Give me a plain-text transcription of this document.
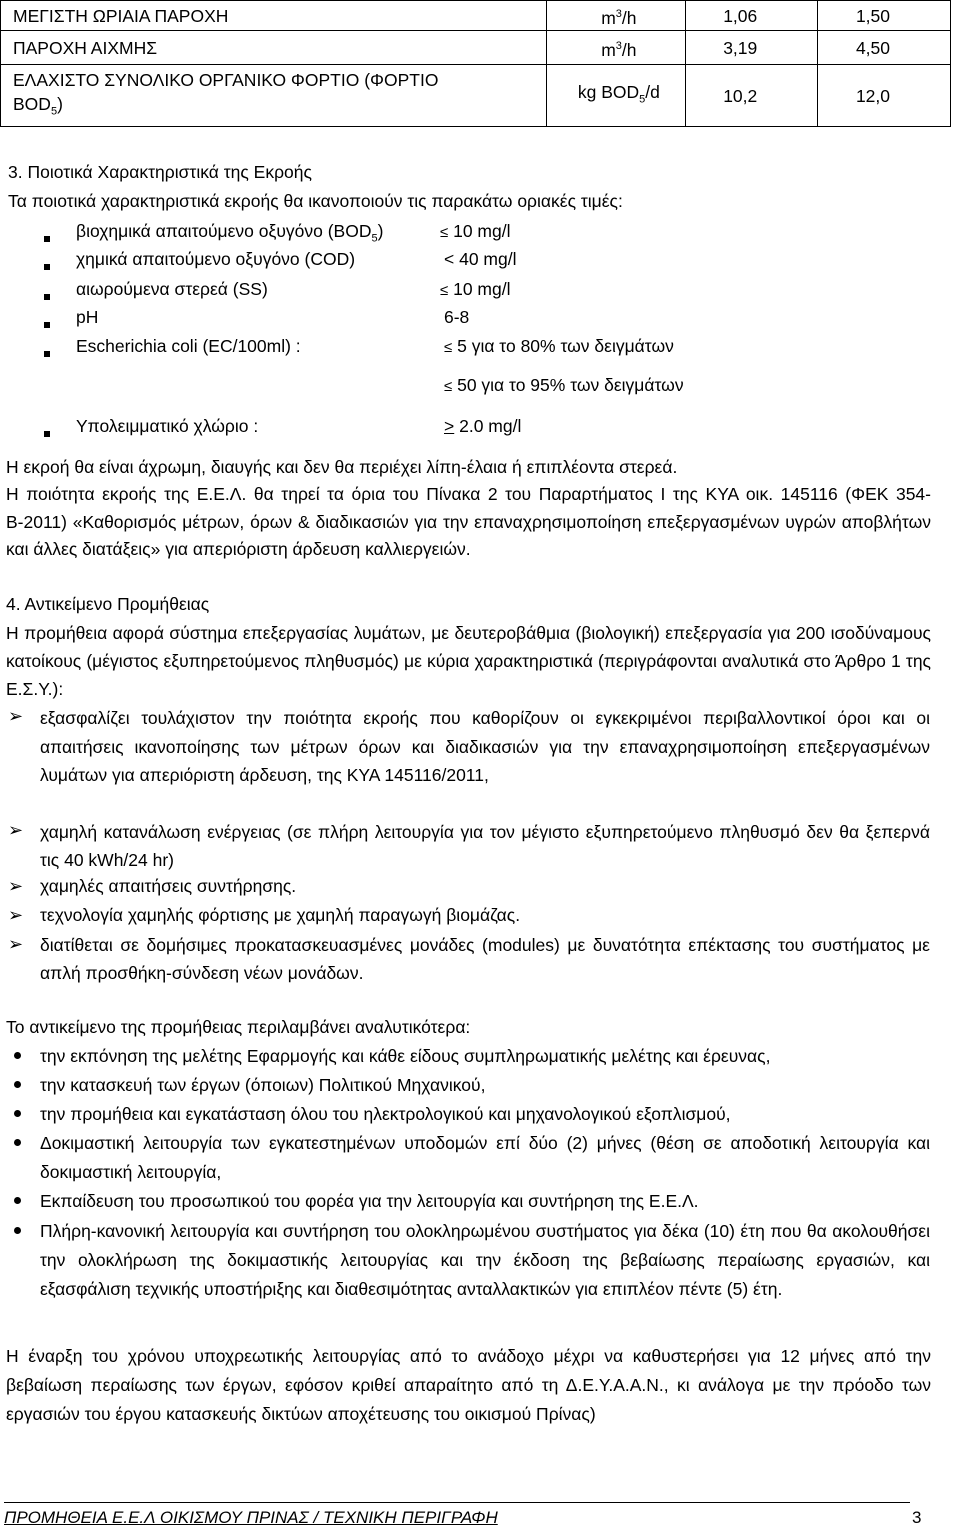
ΜΕΓΙΣΤΗ ΩΡΙΑΙΑ ΠΑΡΟΧΗ	$m^3/h$	1,06	1,50
ΠΑΡΟΧΗ ΑΙΧΜΗΣ	$m^3/h$	3,19	4,50

ΕΛΑΧΙΣΤΟ ΣΥΝΟΛΙΚΟ ΟΡΓΑΝΙΚΟ ΦΟΡΤΙΟ (ΦΟΡΤΙΟ
$BOD_5$)	kg $BOD_5/d$	10,2	12,0
3. Ποιοτικά Χαρακτηριστικά της Εκροής
Τα ποιοτικά χαρακτηριστικά εκροής θα ικανοποιούν τις παρακάτω οριακές τιμές:
βιοχημικά απαιτούμενο οξυγόνο $(BOD_5)$	≤ 10 mg/l
χημικά απαιτούμενο οξυγόνο (COD)	< 40 mg/l
αιωρούμενα στερεά (SS)	≤ 10 mg/l
pH	6-8
Escherichia coli (EC/100ml) :	≤ 5 για το 80% των δειγμάτων
≤ 50 για το 95% των δειγμάτων
Υπολειμματικό χλώριο :	> 2.0 mg/l
Η εκροή θα είναι άχρωμη, διαυγής και δεν θα περιέχει λίπη-έλαια ή επιπλέοντα στερεά.
Η ποιότητα εκροής της Ε.Ε.Λ. θα τηρεί τα όρια του Πίνακα 2 του Παραρτήματος Ι της ΚΥΑ οικ. 145116 (ΦΕΚ 354-Β-2011) «Καθορισμός μέτρων, όρων & διαδικασιών για την επαναχρησιμοποίηση επεξεργασμένων υγρών αποβλήτων και άλλες διατάξεις» για απεριόριστη άρδευση καλλιεργειών.
4. Αντικείμενο Προμήθειας
Η προμήθεια αφορά σύστημα επεξεργασίας λυμάτων, με δευτεροβάθμια (βιολογική) επεξεργασία για 200 ισοδύναμους κατοίκους (μέγιστος εξυπηρετούμενος πληθυσμός) με κύρια χαρακτηριστικά (περιγράφονται αναλυτικά στο Άρθρο 1 της Ε.Σ.Υ.):
➢ εξασφαλίζει τουλάχιστον την ποιότητα εκροής που καθορίζουν οι εγκεκριμένοι περιβαλλοντικοί όροι και οι απαιτήσεις ικανοποίησης των μέτρων όρων και διαδικασιών για την επαναχρησιμοποίηση επεξεργασμένων λυμάτων για απεριόριστη άρδευση, της ΚΥΑ 145116/2011,
➢ χαμηλή κατανάλωση ενέργειας (σε πλήρη λειτουργία για τον μέγιστο εξυπηρετούμενο πληθυσμό δεν θα ξεπερνά τις 40 kWh/24 hr)
➢ χαμηλές απαιτήσεις συντήρησης.
➢ τεχνολογία χαμηλής φόρτισης με χαμηλή παραγωγή βιομάζας.
➢ διατίθεται σε δομήσιμες προκατασκευασμένες μονάδες (modules) με δυνατότητα επέκτασης του συστήματος με απλή προσθήκη-σύνδεση νέων μονάδων.
Το αντικείμενο της προμήθειας περιλαμβάνει αναλυτικότερα:
την εκπόνηση της μελέτης Εφαρμογής και κάθε είδους συμπληρωματικής μελέτης και έρευνας,
την κατασκευή των έργων (όποιων) Πολιτικού Μηχανικού,
την προμήθεια και εγκατάσταση όλου του ηλεκτρολογικού και μηχανολογικού εξοπλισμού,
Δοκιμαστική λειτουργία των εγκατεστημένων υποδομών επί δύο (2) μήνες (θέση σε αποδοτική λειτουργία και δοκιμαστική λειτουργία,
Εκπαίδευση του προσωπικού του φορέα για την λειτουργία και συντήρηση της Ε.Ε.Λ.
Πλήρη-κανονική λειτουργία και συντήρηση του ολοκληρωμένου συστήματος για δέκα (10) έτη που θα ακολουθήσει την ολοκλήρωση της δοκιμαστικής λειτουργίας και την έκδοση της βεβαίωσης περαίωσης εργασιών, και εξασφάλιση τεχνικής υποστήριξης και διαθεσιμότητας ανταλλακτικών για επιπλέον πέντε (5) έτη.
Η έναρξη του χρόνου υποχρεωτικής λειτουργίας από το ανάδοχο μέχρι να καθυστερήσει για 12 μήνες από την βεβαίωση περαίωσης των έργων, εφόσον κριθεί απαραίτητο από τη Δ.Ε.Υ.Α.Α.Ν., κι ανάλογα με την πρόοδο των εργασιών του έργου κατασκευής δικτύων αποχέτευσης του οικισμού Πρίνας)
ΠΡΟΜΗΘΕΙΑ Ε.Ε.Λ ΟΙΚΙΣΜΟΥ ΠΡΙΝΑΣ / ΤΕΧΝΙΚΗ ΠΕΡΙΓΡΑΦΗ	3
